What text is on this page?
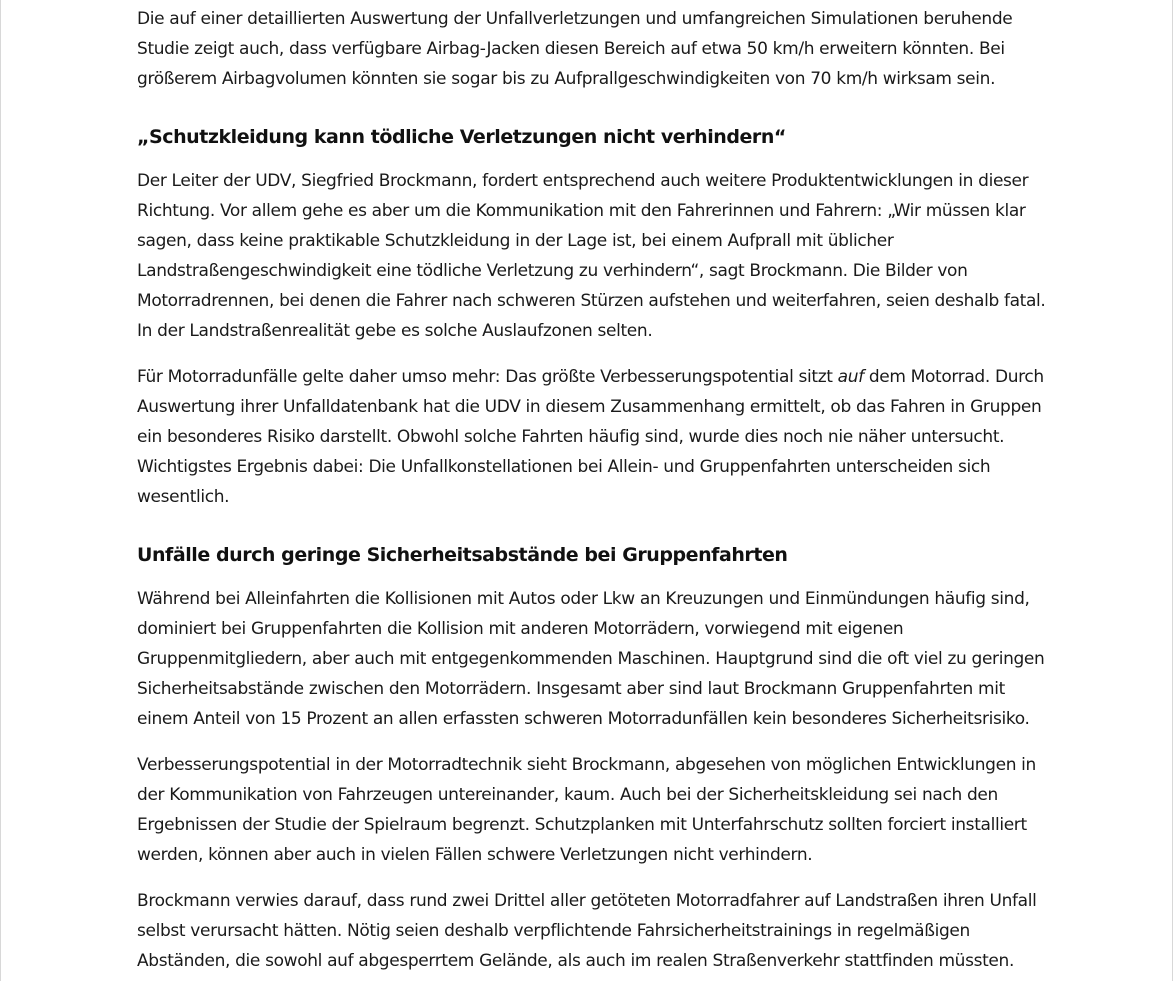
Die auf einer detaillierten Auswertung der Unfallverletzungen und umfangreichen Simulationen beruhende Studie zeigt auch, dass verfügbare Airbag-Jacken diesen Bereich auf etwa 50 km/h erweitern könnten. Bei größerem Airbagvolumen könnten sie sogar bis zu Aufprallgeschwindigkeiten von 70 km/h wirksam sein.

„Schutzkleidung kann tödliche Verletzungen nicht verhindern“

Der Leiter der UDV, Siegfried Brockmann, fordert entsprechend auch weitere Produktentwicklungen in dieser Richtung. Vor allem gehe es aber um die Kommunikation mit den Fahrerinnen und Fahrern: „Wir müssen klar sagen, dass keine praktikable Schutzkleidung in der Lage ist, bei einem Aufprall mit üblicher Landstraßengeschwindigkeit eine tödliche Verletzung zu verhindern“, sagt Brockmann. Die Bilder von Motorradrennen, bei denen die Fahrer nach schweren Stürzen aufstehen und weiterfahren, seien deshalb fatal. In der Landstraßenrealität gebe es solche Auslaufzonen selten.

Für Motorradunfälle gelte daher umso mehr: Das größte Verbesserungspotential sitzt auf dem Motorrad. Durch Auswertung ihrer Unfalldatenbank hat die UDV in diesem Zusammenhang ermittelt, ob das Fahren in Gruppen ein besonderes Risiko darstellt. Obwohl solche Fahrten häufig sind, wurde dies noch nie näher untersucht. Wichtigstes Ergebnis dabei: Die Unfallkonstellationen bei Allein- und Gruppenfahrten unterscheiden sich wesentlich.

Unfälle durch geringe Sicherheitsabstände bei Gruppenfahrten

Während bei Alleinfahrten die Kollisionen mit Autos oder Lkw an Kreuzungen und Einmündungen häufig sind, dominiert bei Gruppenfahrten die Kollision mit anderen Motorrädern, vorwiegend mit eigenen Gruppenmitgliedern, aber auch mit entgegenkommenden Maschinen. Hauptgrund sind die oft viel zu geringen Sicherheitsabstände zwischen den Motorrädern. Insgesamt aber sind laut Brockmann Gruppenfahrten mit einem Anteil von 15 Prozent an allen erfassten schweren Motorradunfällen kein besonderes Sicherheitsrisiko.

Verbesserungspotential in der Motorradtechnik sieht Brockmann, abgesehen von möglichen Entwicklungen in der Kommunikation von Fahrzeugen untereinander, kaum. Auch bei der Sicherheitskleidung sei nach den Ergebnissen der Studie der Spielraum begrenzt. Schutzplanken mit Unterfahrschutz sollten forciert installiert werden, können aber auch in vielen Fällen schwere Verletzungen nicht verhindern.

Brockmann verwies darauf, dass rund zwei Drittel aller getöteten Motorradfahrer auf Landstraßen ihren Unfall selbst verursacht hätten. Nötig seien deshalb verpflichtende Fahrsicherheitstrainings in regelmäßigen Abständen, die sowohl auf abgesperrtem Gelände, als auch im realen Straßenverkehr stattfinden müssten.
